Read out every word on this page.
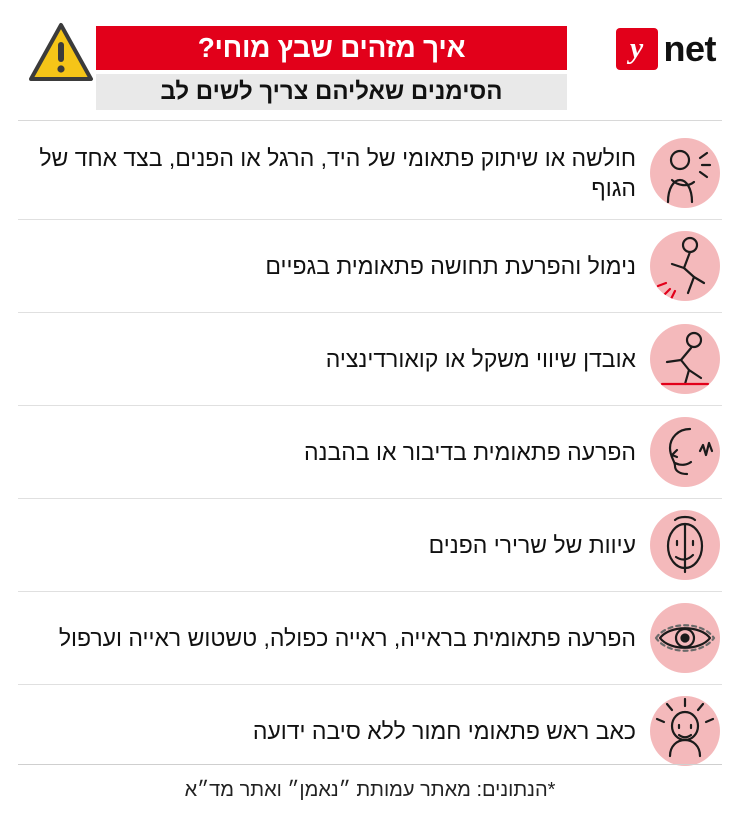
y net
איך מזהים שבץ מוחי?
הסימנים שאליהם צריך לשים לב
חולשה או שיתוק פתאומי של היד, הרגל או הפנים, בצד אחד של הגוף
נימול והפרעת תחושה פתאומית בגפיים
אובדן שיווי משקל או קואורדינציה
הפרעה פתאומית בדיבור או בהבנה
עיוות של שרירי הפנים
הפרעה פתאומית בראייה, ראייה כפולה, טשטוש ראייה וערפול
כאב ראש פתאומי חמור ללא סיבה ידועה
*הנתונים: מאתר עמותת ״נאמן״ ואתר מד״א
